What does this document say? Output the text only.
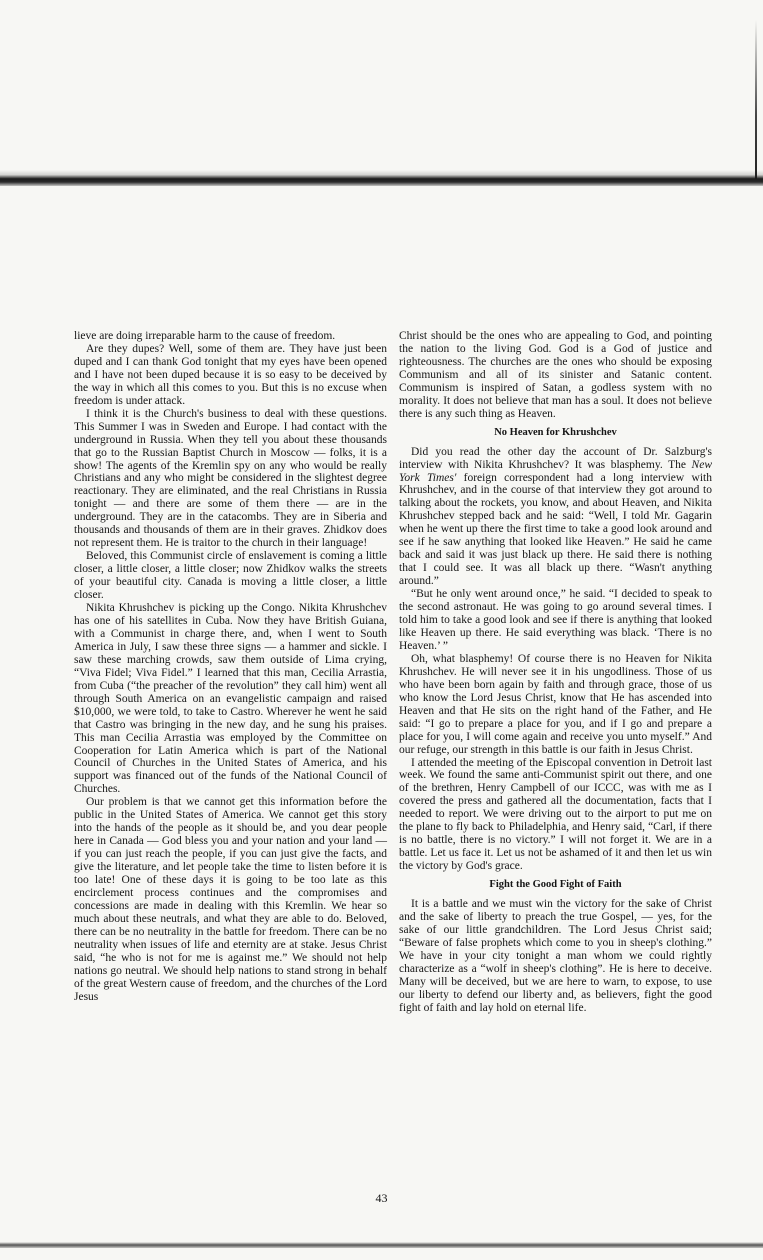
lieve are doing irreparable harm to the cause of freedom.

Are they dupes? Well, some of them are. They have just been duped and I can thank God tonight that my eyes have been opened and I have not been duped because it is so easy to be deceived by the way in which all this comes to you. But this is no excuse when freedom is under attack.

I think it is the Church's business to deal with these questions. This Summer I was in Sweden and Europe. I had contact with the underground in Russia. When they tell you about these thousands that go to the Russian Baptist Church in Moscow — folks, it is a show! The agents of the Kremlin spy on any who would be really Christians and any who might be considered in the slightest degree reactionary. They are eliminated, and the real Christians in Russia tonight — and there are some of them there — are in the underground. They are in the catacombs. They are in Siberia and thousands and thousands of them are in their graves. Zhidkov does not represent them. He is traitor to the church in their language!

Beloved, this Communist circle of enslavement is coming a little closer, a little closer, a little closer; now Zhidkov walks the streets of your beautiful city. Canada is moving a little closer, a little closer.

Nikita Khrushchev is picking up the Congo. Nikita Khrushchev has one of his satellites in Cuba. Now they have British Guiana, with a Communist in charge there, and, when I went to South America in July, I saw these three signs — a hammer and sickle. I saw these marching crowds, saw them outside of Lima crying, “Viva Fidel; Viva Fidel.” I learned that this man, Cecilia Arrastia, from Cuba (“the preacher of the revolution” they call him) went all through South America on an evangelistic campaign and raised $10,000, we were told, to take to Castro. Wherever he went he said that Castro was bringing in the new day, and he sung his praises. This man Cecilia Arrastia was employed by the Committee on Cooperation for Latin America which is part of the National Council of Churches in the United States of America, and his support was financed out of the funds of the National Council of Churches.

Our problem is that we cannot get this information before the public in the United States of America. We cannot get this story into the hands of the people as it should be, and you dear people here in Canada — God bless you and your nation and your land — if you can just reach the people, if you can just give the facts, and give the literature, and let people take the time to listen before it is too late! One of these days it is going to be too late as this encirclement process continues and the compromises and concessions are made in dealing with this Kremlin. We hear so much about these neutrals, and what they are able to do. Beloved, there can be no neutrality in the battle for freedom. There can be no neutrality when issues of life and eternity are at stake. Jesus Christ said, “he who is not for me is against me.” We should not help nations go neutral. We should help nations to stand strong in behalf of the great Western cause of freedom, and the churches of the Lord Jesus

Christ should be the ones who are appealing to God, and pointing the nation to the living God. God is a God of justice and righteousness. The churches are the ones who should be exposing Communism and all of its sinister and Satanic content. Communism is inspired of Satan, a godless system with no morality. It does not believe that man has a soul. It does not believe there is any such thing as Heaven.

No Heaven for Khrushchev

Did you read the other day the account of Dr. Salzburg's interview with Nikita Khrushchev? It was blasphemy. The New York Times' foreign correspondent had a long interview with Khrushchev, and in the course of that interview they got around to talking about the rockets, you know, and about Heaven, and Nikita Khrushchev stepped back and he said: “Well, I told Mr. Gagarin when he went up there the first time to take a good look around and see if he saw anything that looked like Heaven.” He said he came back and said it was just black up there. He said there is nothing that I could see. It was all black up there. “Wasn't anything around.”

“But he only went around once,” he said. “I decided to speak to the second astronaut. He was going to go around several times. I told him to take a good look and see if there is anything that looked like Heaven up there. He said everything was black. ‘There is no Heaven.’ ”

Oh, what blasphemy! Of course there is no Heaven for Nikita Khrushchev. He will never see it in his ungodliness. Those of us who have been born again by faith and through grace, those of us who know the Lord Jesus Christ, know that He has ascended into Heaven and that He sits on the right hand of the Father, and He said: “I go to prepare a place for you, and if I go and prepare a place for you, I will come again and receive you unto myself.” And our refuge, our strength in this battle is our faith in Jesus Christ.

I attended the meeting of the Episcopal convention in Detroit last week. We found the same anti-Communist spirit out there, and one of the brethren, Henry Campbell of our ICCC, was with me as I covered the press and gathered all the documentation, facts that I needed to report. We were driving out to the airport to put me on the plane to fly back to Philadelphia, and Henry said, “Carl, if there is no battle, there is no victory.” I will not forget it. We are in a battle. Let us face it. Let us not be ashamed of it and then let us win the victory by God's grace.

Fight the Good Fight of Faith

It is a battle and we must win the victory for the sake of Christ and the sake of liberty to preach the true Gospel, — yes, for the sake of our little grandchildren. The Lord Jesus Christ said; “Beware of false prophets which come to you in sheep's clothing.” We have in your city tonight a man whom we could rightly characterize as a “wolf in sheep's clothing”. He is here to deceive. Many will be deceived, but we are here to warn, to expose, to use our liberty to defend our liberty and, as believers, fight the good fight of faith and lay hold on eternal life.

43
